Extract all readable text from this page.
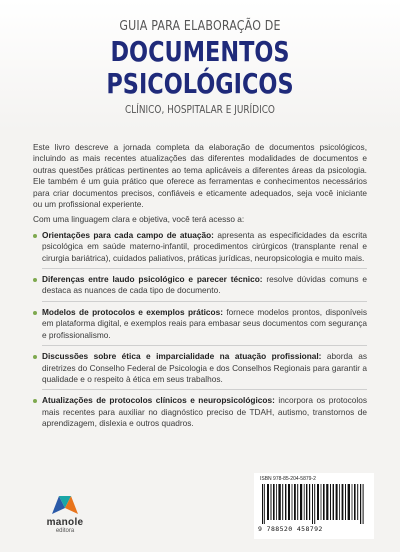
GUIA PARA ELABORAÇÃO DE
DOCUMENTOS
PSICOLÓGICOS
CLÍNICO, HOSPITALAR E JURÍDICO

Este livro descreve a jornada completa da elaboração de documentos psicológicos, incluindo as mais recentes atualizações das diferentes modalidades de documentos e outras questões práticas pertinentes ao tema aplicáveis a diferentes áreas da psicologia. Ele também é um guia prático que oferece as ferramentas e conhecimentos necessários para criar documentos precisos, confiáveis e eticamente adequados, seja você iniciante ou um profissional experiente.

Com uma linguagem clara e objetiva, você terá acesso a:

Orientações para cada campo de atuação: apresenta as especificidades da escrita psicológica em saúde materno-infantil, procedimentos cirúrgicos (transplante renal e cirurgia bariátrica), cuidados paliativos, práticas jurídicas, neuropsicologia e muito mais.
Diferenças entre laudo psicológico e parecer técnico: resolve dúvidas comuns e destaca as nuances de cada tipo de documento.
Modelos de protocolos e exemplos práticos: fornece modelos prontos, disponíveis em plataforma digital, e exemplos reais para embasar seus documentos com segurança e profissionalismo.
Discussões sobre ética e imparcialidade na atuação profissional: aborda as diretrizes do Conselho Federal de Psicologia e dos Conselhos Regionais para garantir a qualidade e o respeito à ética em seus trabalhos.
Atualizações de protocolos clínicos e neuropsicológicos: incorpora os protocolos mais recentes para auxiliar no diagnóstico preciso de TDAH, autismo, transtornos de aprendizagem, dislexia e outros quadros.
manole
editora
ISBN 978-85-204-5879-2
9 788520 458792
